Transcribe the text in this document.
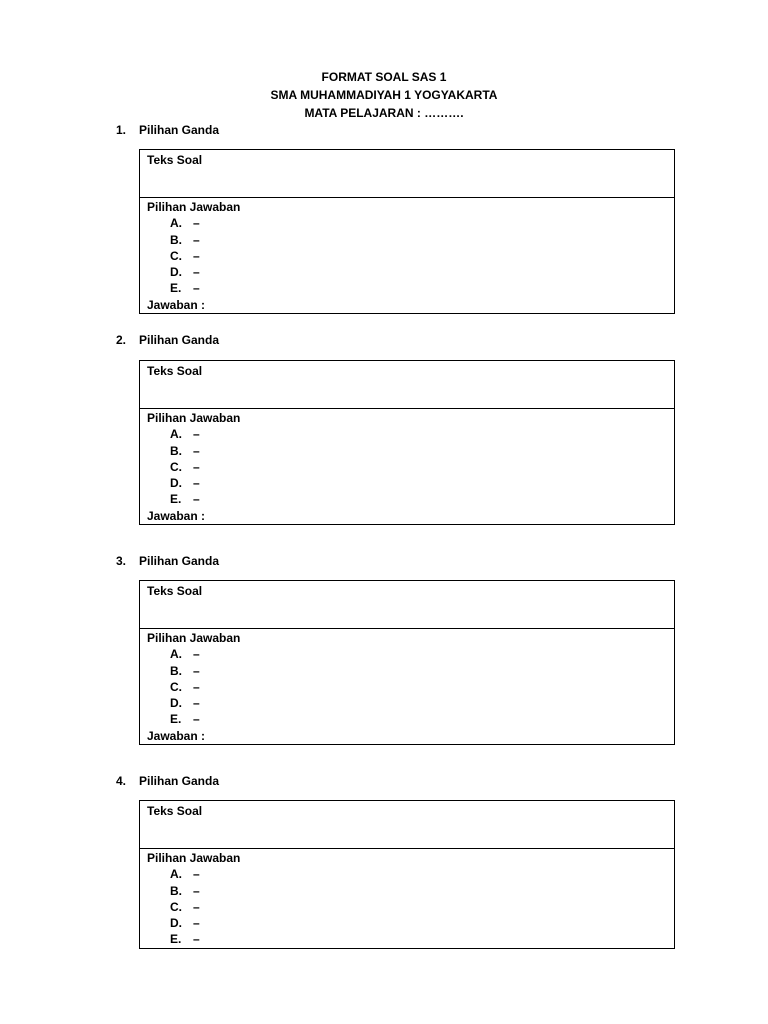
FORMAT SOAL SAS 1
SMA MUHAMMADIYAH 1 YOGYAKARTA
MATA PELAJARAN : ……….
1. Pilihan Ganda
Teks Soal
Pilihan Jawaban
A. –
B. –
C. –
D. –
E. –
Jawaban :
2. Pilihan Ganda
Teks Soal
Pilihan Jawaban
A. –
B. –
C. –
D. –
E. –
Jawaban :
3. Pilihan Ganda
Teks Soal
Pilihan Jawaban
A. –
B. –
C. –
D. –
E. –
Jawaban :
4. Pilihan Ganda
Teks Soal
Pilihan Jawaban
A. –
B. –
C. –
D. –
E. –
